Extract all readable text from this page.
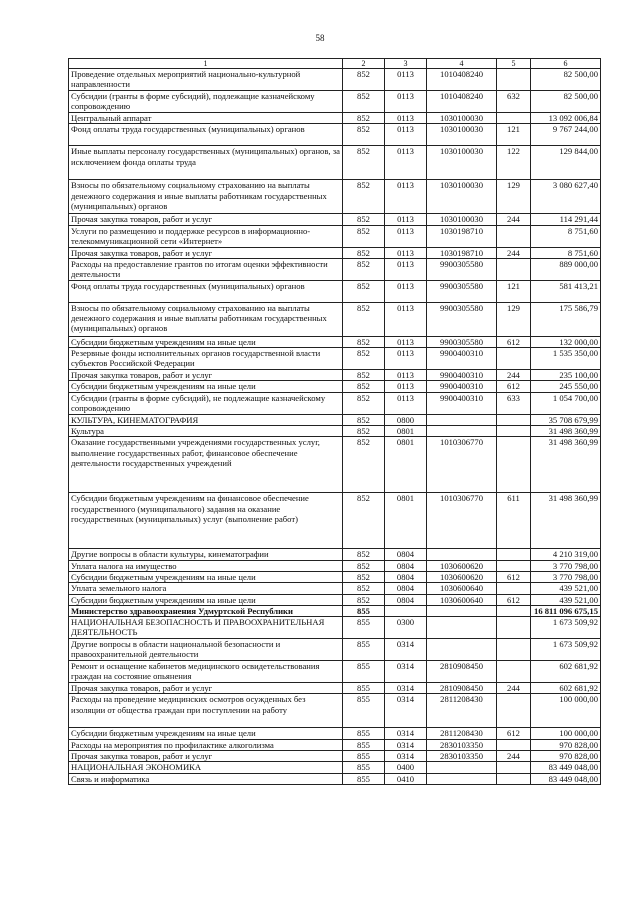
58
1	2	3	4	5	6
Проведение отдельных мероприятий национально-культурной направленности	852	0113	1010408240		82 500,00
Субсидии (гранты в форме субсидий), подлежащие казначейскому сопровождению	852	0113	1010408240	632	82 500,00
Центральный аппарат	852	0113	1030100030		13 092 006,84
Фонд оплаты труда государственных (муниципальных) органов	852	0113	1030100030	121	9 767 244,00
Иные выплаты персоналу государственных (муниципальных) органов, за исключением фонда оплаты труда	852	0113	1030100030	122	129 844,00
Взносы по обязательному социальному страхованию на выплаты денежного содержания и иные выплаты работникам государственных (муниципальных) органов	852	0113	1030100030	129	3 080 627,40
Прочая закупка товаров, работ и услуг	852	0113	1030100030	244	114 291,44
Услуги по размещению и поддержке ресурсов в информационно-телекоммуникационной сети «Интернет»	852	0113	1030198710		8 751,60
Прочая закупка товаров, работ и услуг	852	0113	1030198710	244	8 751,60
Расходы на предоставление грантов по итогам оценки эффективности деятельности	852	0113	9900305580		889 000,00
Фонд оплаты труда государственных (муниципальных) органов	852	0113	9900305580	121	581 413,21
Взносы по обязательному социальному страхованию на выплаты денежного содержания и иные выплаты работникам государственных (муниципальных) органов	852	0113	9900305580	129	175 586,79
Субсидии бюджетным учреждениям на иные цели	852	0113	9900305580	612	132 000,00
Резервные фонды исполнительных органов государственной власти субъектов Российской Федерации	852	0113	9900400310		1 535 350,00
Прочая закупка товаров, работ и услуг	852	0113	9900400310	244	235 100,00
Субсидии бюджетным учреждениям на иные цели	852	0113	9900400310	612	245 550,00
Субсидии (гранты в форме субсидий), не подлежащие казначейскому сопровождению	852	0113	9900400310	633	1 054 700,00
КУЛЬТУРА, КИНЕМАТОГРАФИЯ	852	0800			35 708 679,99
Культура	852	0801			31 498 360,99
Оказание государственными учреждениями государственных услуг, выполнение государственных работ, финансовое обеспечение деятельности государственных учреждений	852	0801	1010306770		31 498 360,99
Субсидии бюджетным учреждениям на финансовое обеспечение государственного (муниципального) задания на оказание государственных (муниципальных) услуг (выполнение работ)	852	0801	1010306770	611	31 498 360,99
Другие вопросы в области культуры, кинематографии	852	0804			4 210 319,00
Уплата налога на имущество	852	0804	1030600620		3 770 798,00
Субсидии бюджетным учреждениям на иные цели	852	0804	1030600620	612	3 770 798,00
Уплата земельного налога	852	0804	1030600640		439 521,00
Субсидии бюджетным учреждениям на иные цели	852	0804	1030600640	612	439 521,00
Министерство здравоохранения Удмуртской Республики	855				16 811 096 675,15
НАЦИОНАЛЬНАЯ БЕЗОПАСНОСТЬ И ПРАВООХРАНИТЕЛЬНАЯ ДЕЯТЕЛЬНОСТЬ	855	0300			1 673 509,92
Другие вопросы в области национальной безопасности и правоохранительной деятельности	855	0314			1 673 509,92
Ремонт и оснащение кабинетов медицинского освидетельствования граждан на состояние опьянения	855	0314	2810908450		602 681,92
Прочая закупка товаров, работ и услуг	855	0314	2810908450	244	602 681,92
Расходы на проведение медицинских осмотров осужденных без изоляции от общества граждан при поступлении на работу	855	0314	2811208430		100 000,00
Субсидии бюджетным учреждениям на иные цели	855	0314	2811208430	612	100 000,00
Расходы на мероприятия по профилактике алкоголизма	855	0314	2830103350		970 828,00
Прочая закупка товаров, работ и услуг	855	0314	2830103350	244	970 828,00
НАЦИОНАЛЬНАЯ ЭКОНОМИКА	855	0400			83 449 048,00
Связь и информатика	855	0410			83 449 048,00
